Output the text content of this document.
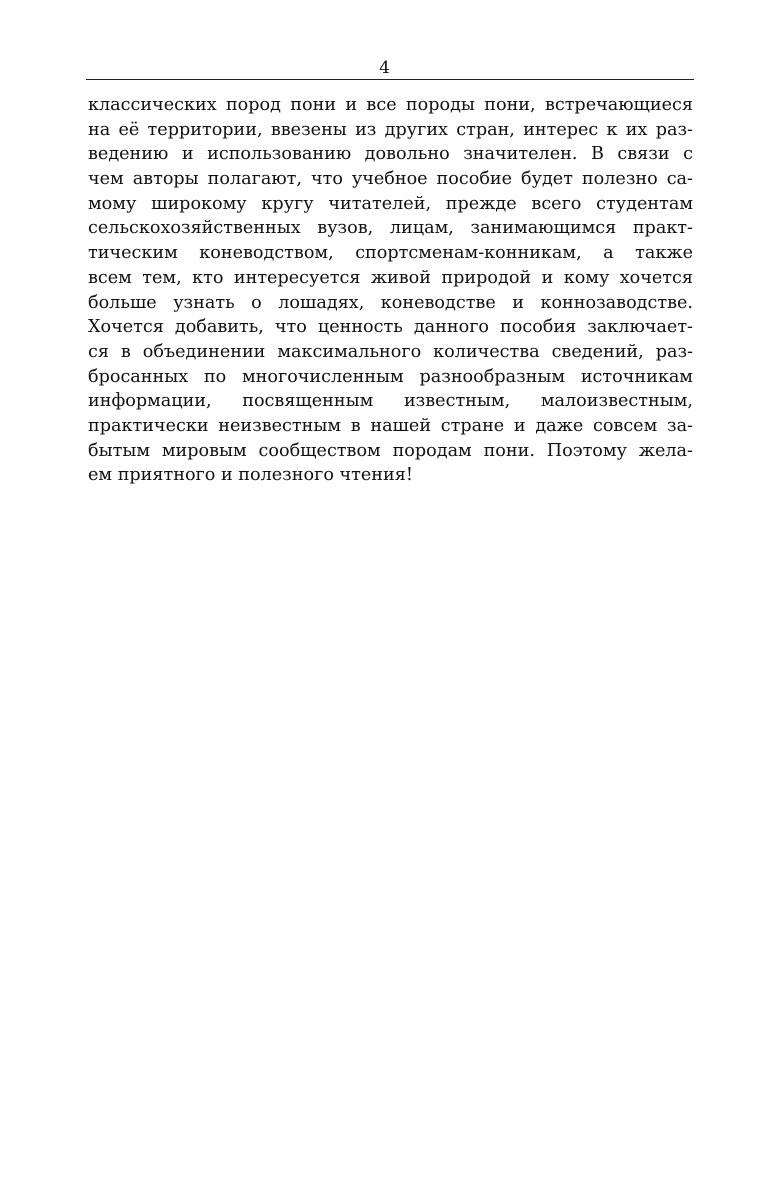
4
классических пород пони и все породы пони, встречающиеся
на её территории, ввезены из других стран, интерес к их раз-
ведению и использованию довольно значителен. В связи с
чем авторы полагают, что учебное пособие будет полезно са-
мому широкому кругу читателей, прежде всего студентам
сельскохозяйственных вузов, лицам, занимающимся практ-
тическим коневодством, спортсменам-конникам, а также
всем тем, кто интересуется живой природой и кому хочется
больше узнать о лошадях, коневодстве и коннозаводстве.
Хочется добавить, что ценность данного пособия заключает-
ся в объединении максимального количества сведений, раз-
бросанных по многочисленным разнообразным источникам
информации, посвященным известным, малоизвестным,
практически неизвестным в нашей стране и даже совсем за-
бытым мировым сообществом породам пони. Поэтому жела-
ем приятного и полезного чтения!
